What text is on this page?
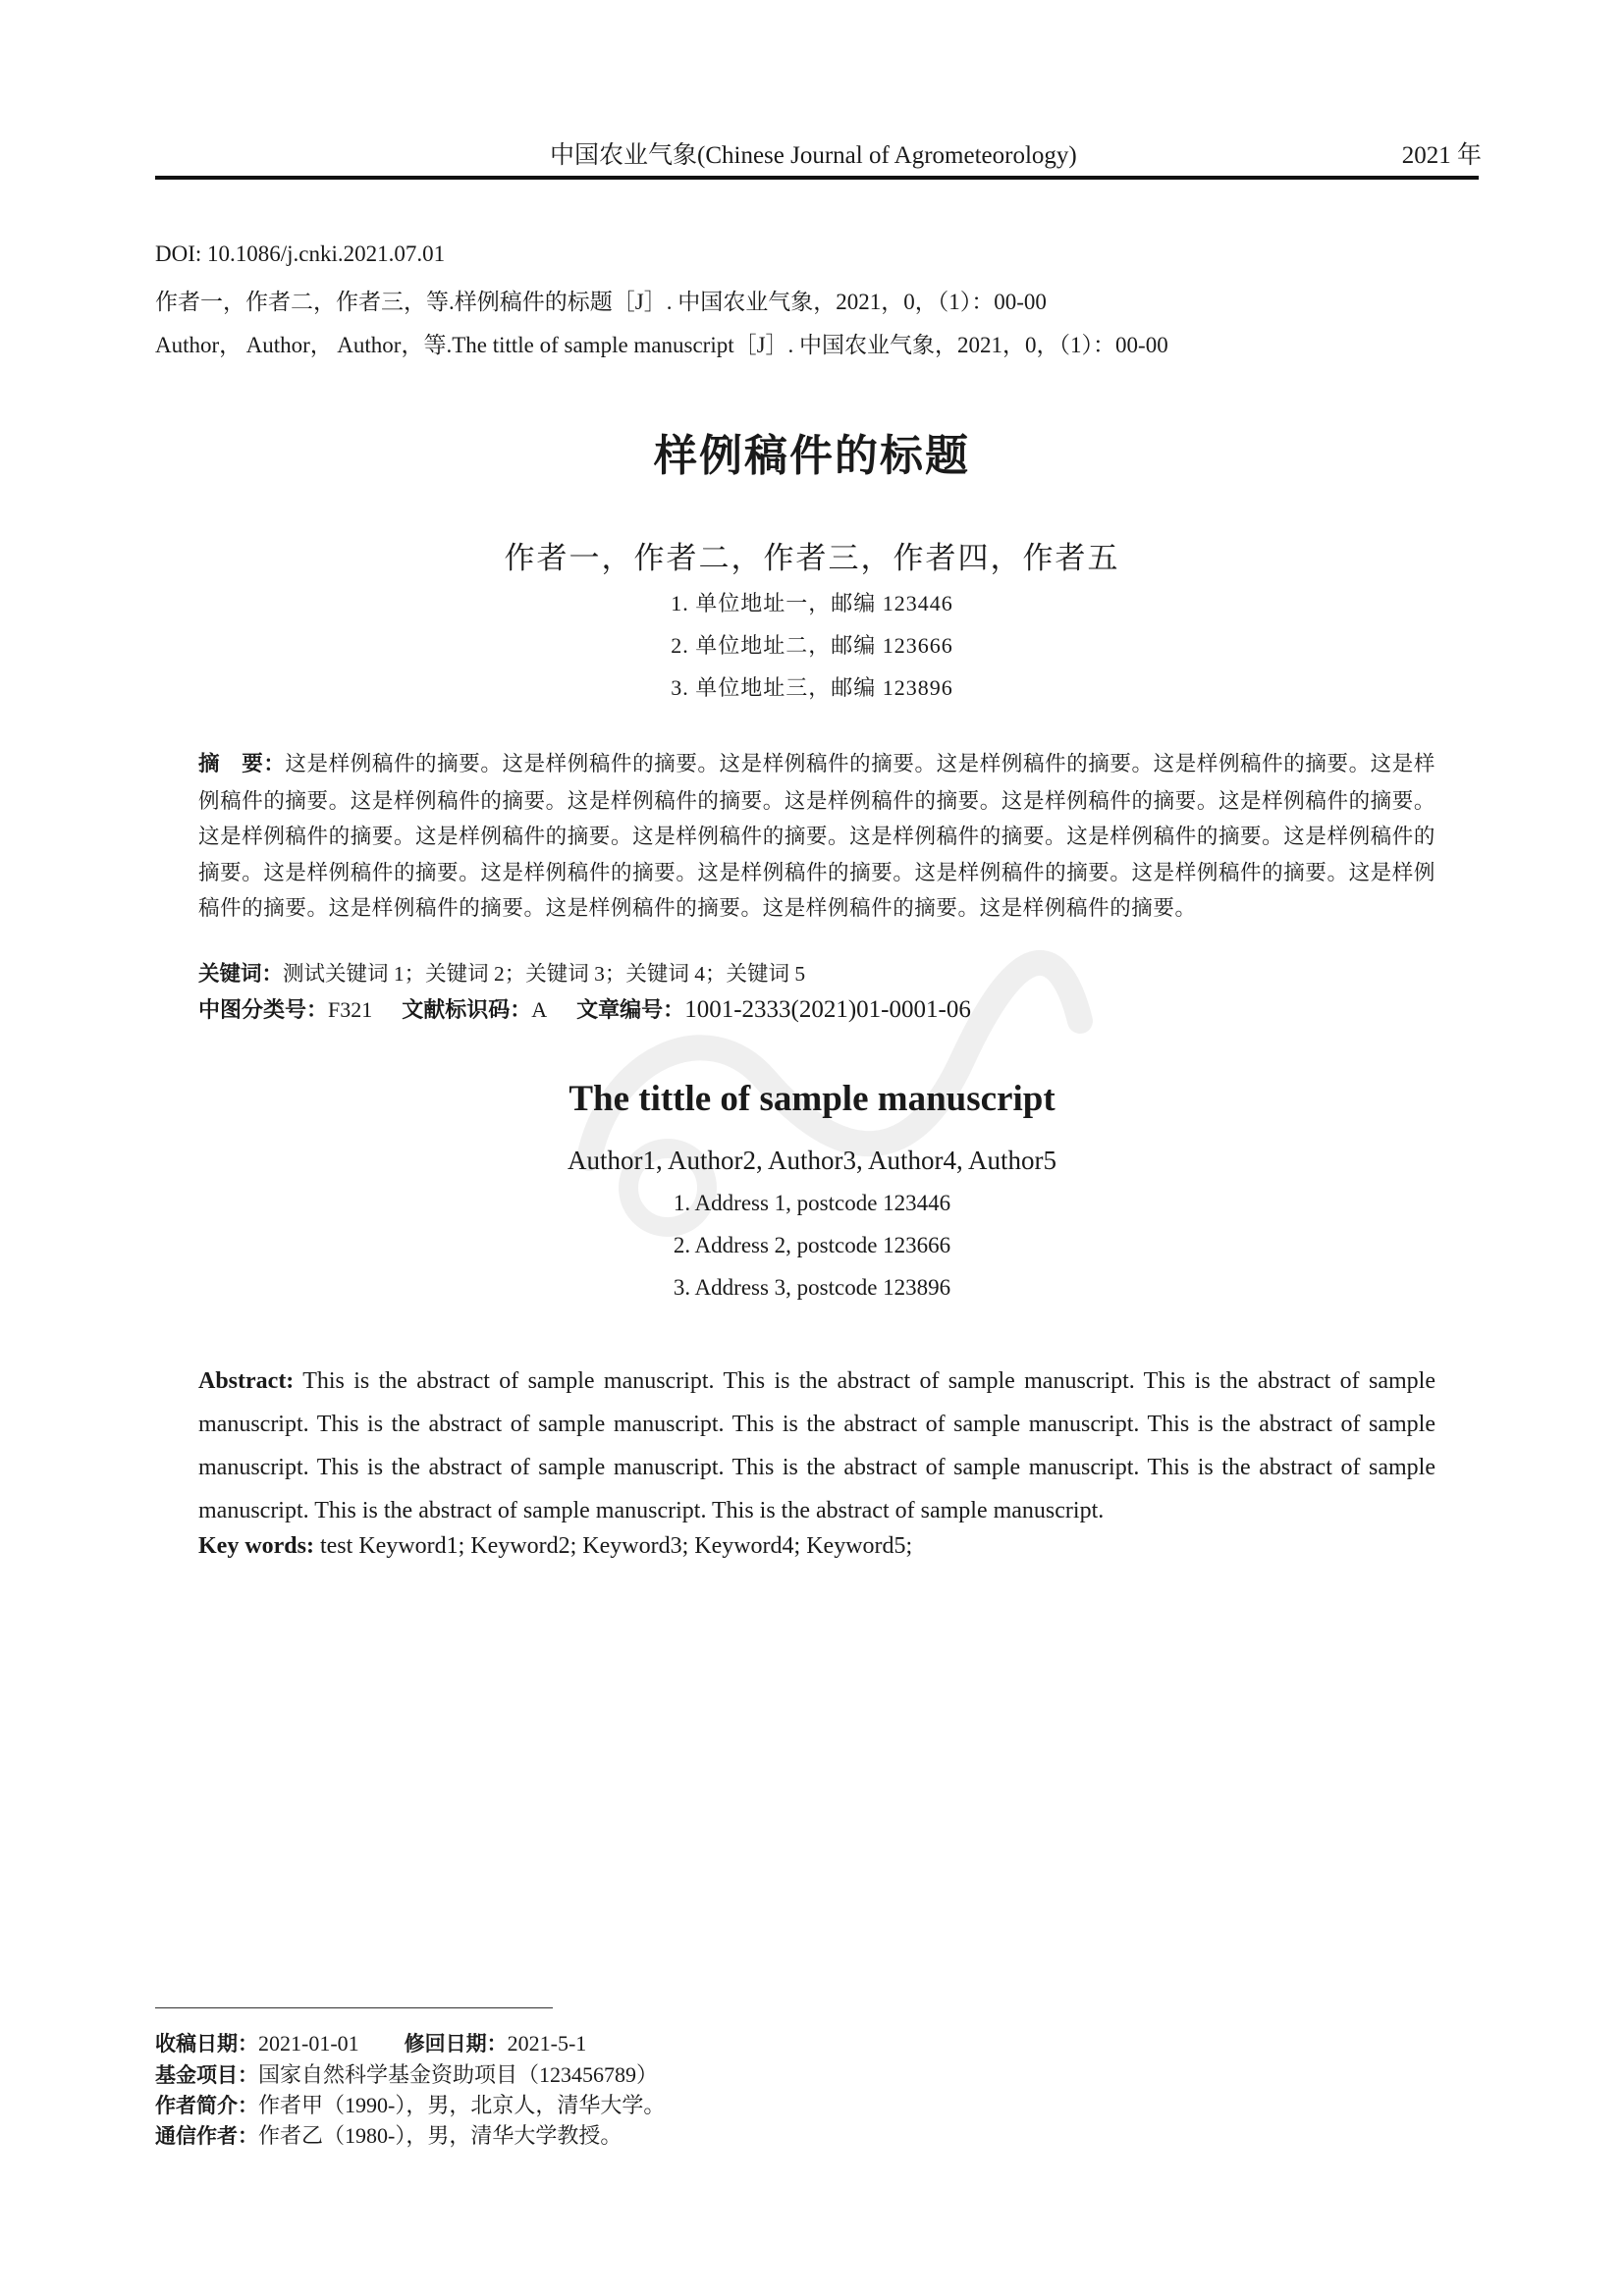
中国农业气象(Chinese Journal of Agrometeorology)	2021 年
DOI: 10.1086/j.cnki.2021.07.01
作者一，作者二，作者三，等.样例稿件的标题［J］. 中国农业气象，2021，0，（1）：00-00
Author， Author， Author，等.The tittle of sample manuscript［J］. 中国农业气象，2021，0，（1）：00-00
样例稿件的标题
作者一，作者二，作者三，作者四，作者五
1. 单位地址一，邮编 123446
2. 单位地址二，邮编 123666
3. 单位地址三，邮编 123896
摘　要：这是样例稿件的摘要。这是样例稿件的摘要。这是样例稿件的摘要。这是样例稿件的摘要。这是样例稿件的摘要。这是样例稿件的摘要。这是样例稿件的摘要。这是样例稿件的摘要。这是样例稿件的摘要。这是样例稿件的摘要。这是样例稿件的摘要。这是样例稿件的摘要。这是样例稿件的摘要。这是样例稿件的摘要。这是样例稿件的摘要。这是样例稿件的摘要。这是样例稿件的摘要。这是样例稿件的摘要。这是样例稿件的摘要。这是样例稿件的摘要。这是样例稿件的摘要。这是样例稿件的摘要。这是样例稿件的摘要。这是样例稿件的摘要。这是样例稿件的摘要。这是样例稿件的摘要。这是样例稿件的摘要。
关键词：测试关键词 1；关键词 2；关键词 3；关键词 4；关键词 5
中图分类号：F321 文献标识码：A 文章编号：1001-2333(2021)01-0001-06
The tittle of sample manuscript
Author1, Author2, Author3, Author4, Author5
1. Address 1, postcode 123446
2. Address 2, postcode 123666
3. Address 3, postcode 123896
Abstract: This is the abstract of sample manuscript. This is the abstract of sample manuscript. This is the abstract of sample manuscript. This is the abstract of sample manuscript. This is the abstract of sample manuscript. This is the abstract of sample manuscript. This is the abstract of sample manuscript. This is the abstract of sample manuscript. This is the abstract of sample manuscript. This is the abstract of sample manuscript. This is the abstract of sample manuscript.
Key words: test Keyword1; Keyword2; Keyword3; Keyword4; Keyword5;
收稿日期：2021-01-01 修回日期：2021-5-1
基金项目：国家自然科学基金资助项目（123456789）
作者简介：作者甲（1990-），男，北京人，清华大学。
通信作者：作者乙（1980-），男，清华大学教授。
